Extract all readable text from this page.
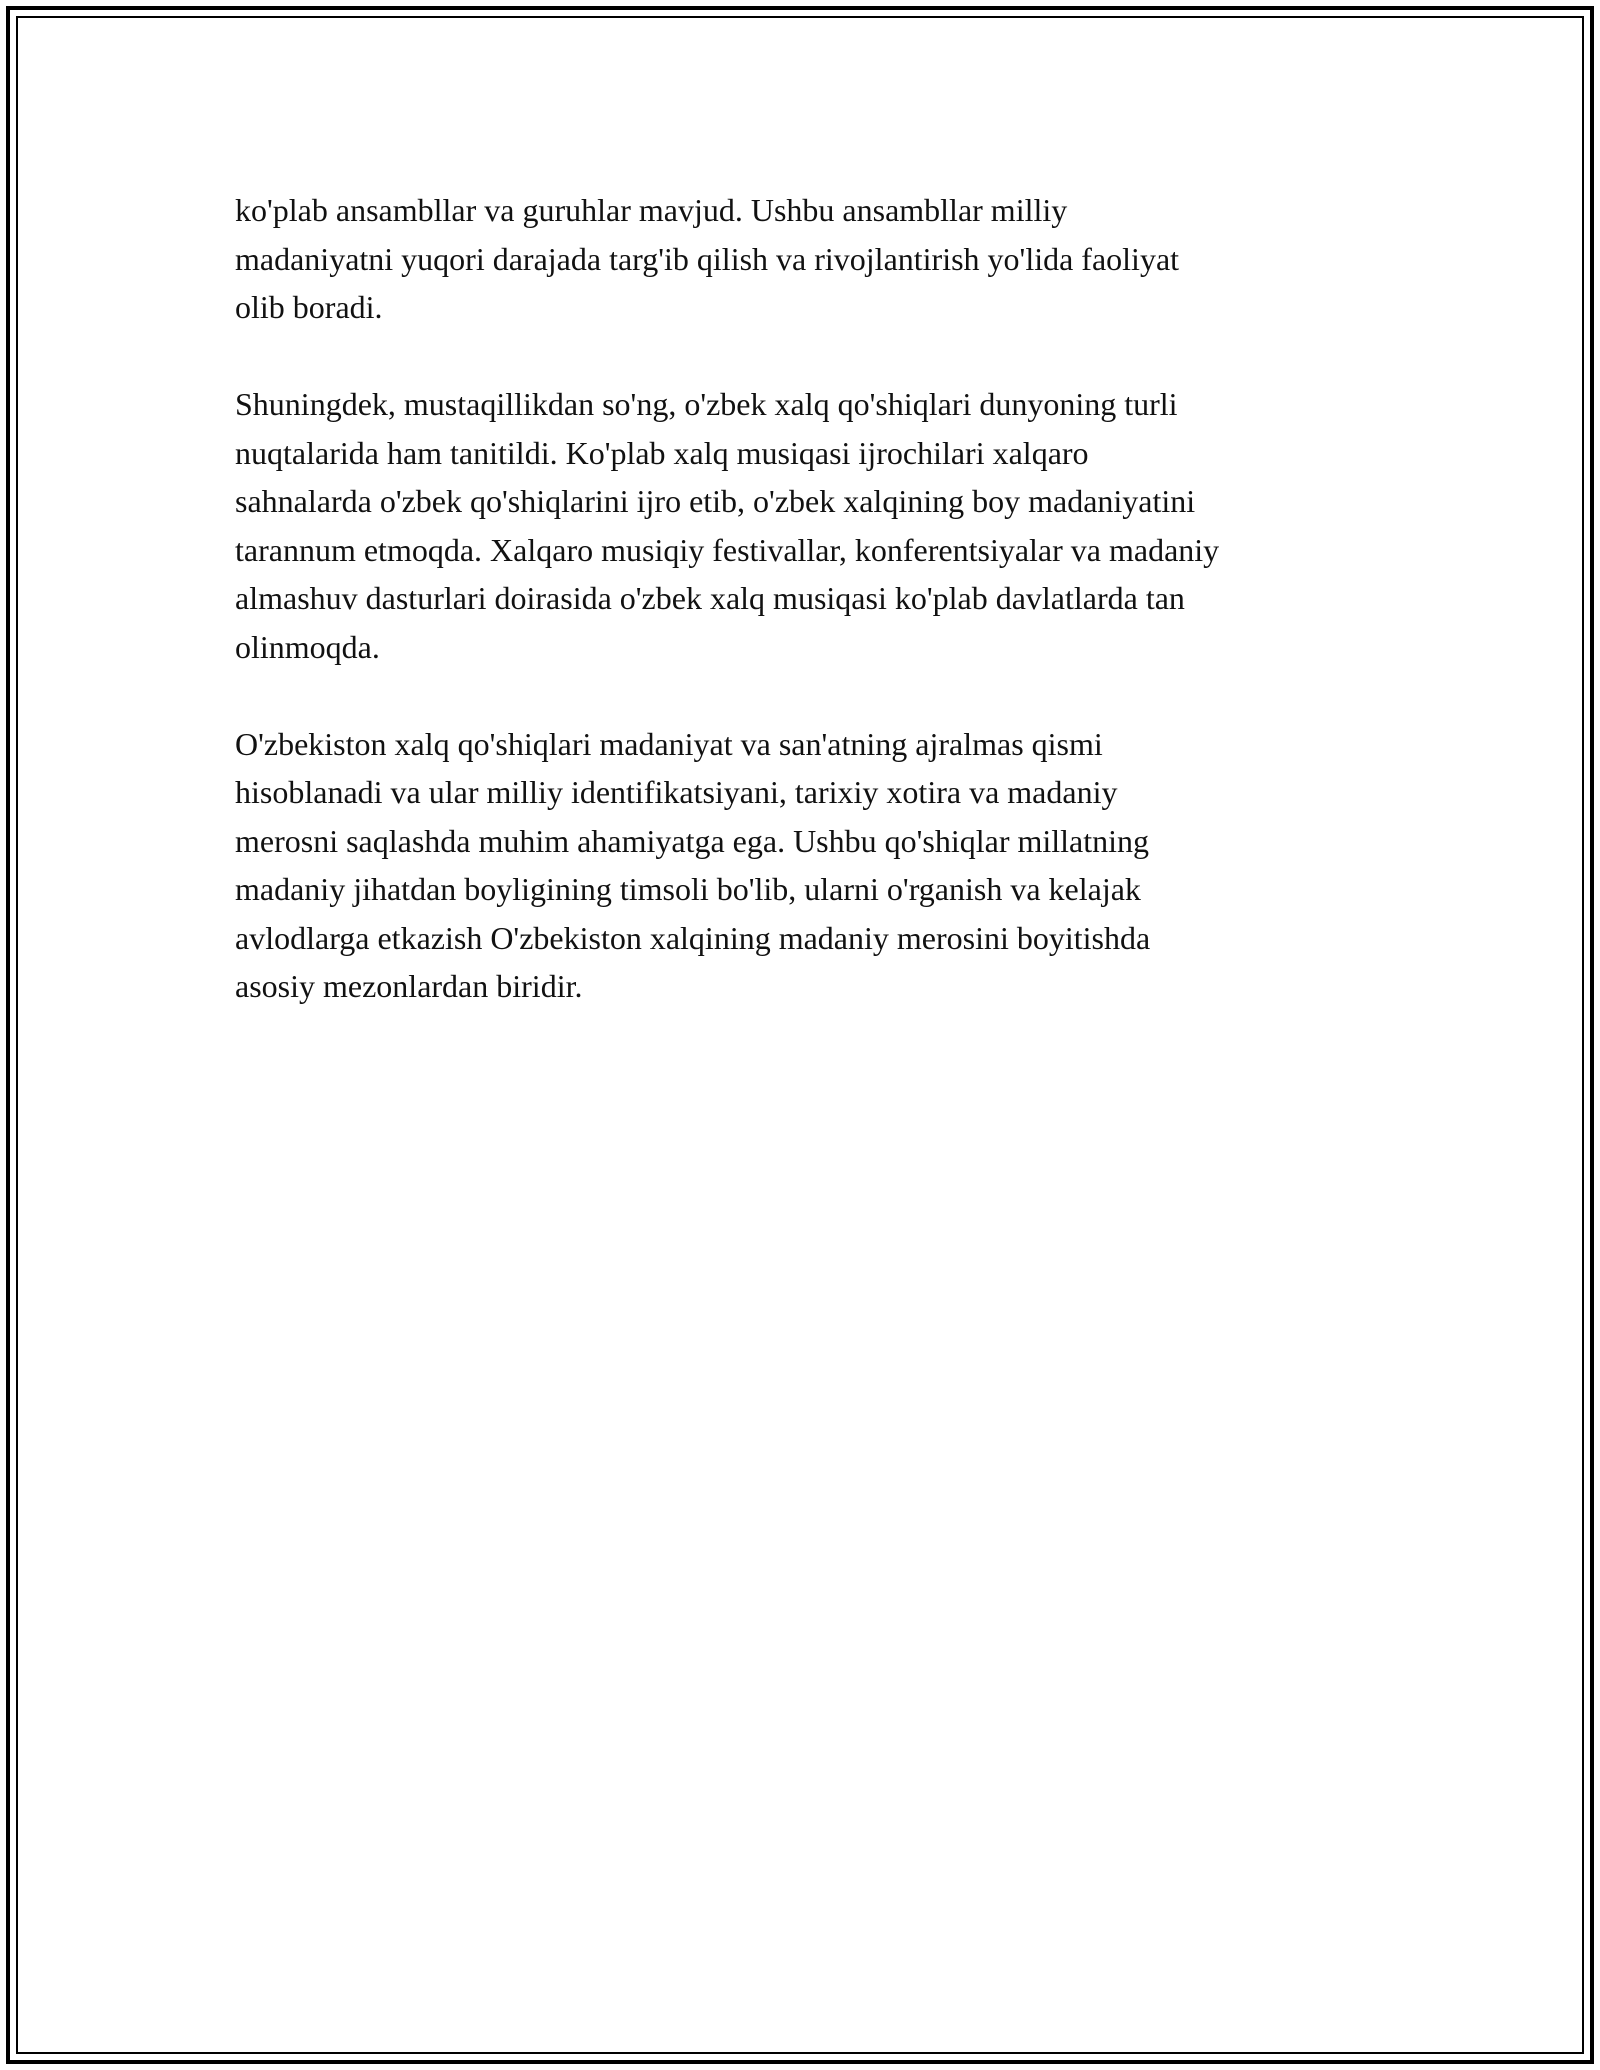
ko'plab ansambllar va guruhlar mavjud. Ushbu ansambllar milliy
madaniyatni yuqori darajada targ'ib qilish va rivojlantirish yo'lida faoliyat
olib boradi.

Shuningdek, mustaqillikdan so'ng, o'zbek xalq qo'shiqlari dunyoning turli
nuqtalarida ham tanitildi. Ko'plab xalq musiqasi ijrochilari xalqaro
sahnalarda o'zbek qo'shiqlarini ijro etib, o'zbek xalqining boy madaniyatini
tarannum etmoqda. Xalqaro musiqiy festivallar, konferentsiyalar va madaniy
almashuv dasturlari doirasida o'zbek xalq musiqasi ko'plab davlatlarda tan
olinmoqda.

O'zbekiston xalq qo'shiqlari madaniyat va san'atning ajralmas qismi
hisoblanadi va ular milliy identifikatsiyani, tarixiy xotira va madaniy
merosni saqlashda muhim ahamiyatga ega. Ushbu qo'shiqlar millatning
madaniy jihatdan boyligining timsoli bo'lib, ularni o'rganish va kelajak
avlodlarga etkazish O'zbekiston xalqining madaniy merosini boyitishda
asosiy mezonlardan biridir.
